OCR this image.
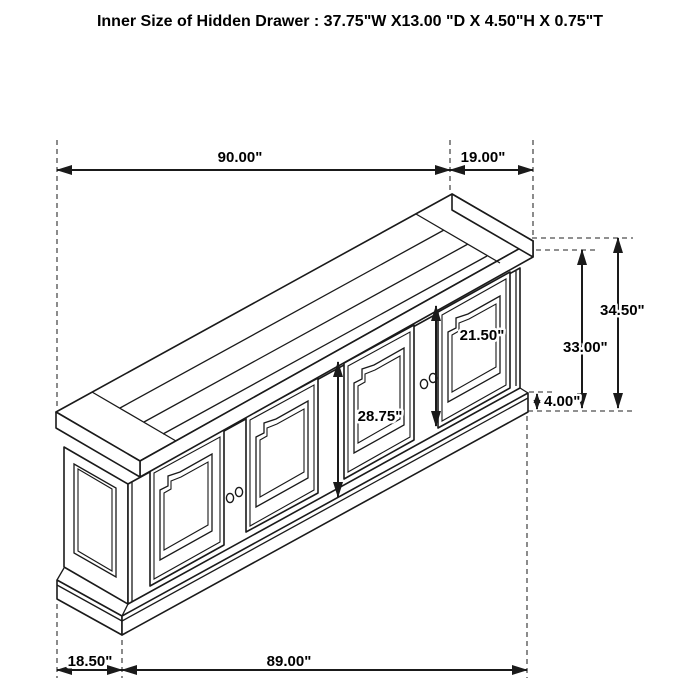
Inner Size of Hidden Drawer : 37.75"W X13.00 "D X 4.50"H X 0.75"T
90.00"	19.00"
34.50"
33.00"
4.00"
28.75"
21.50"
18.50"	89.00"
